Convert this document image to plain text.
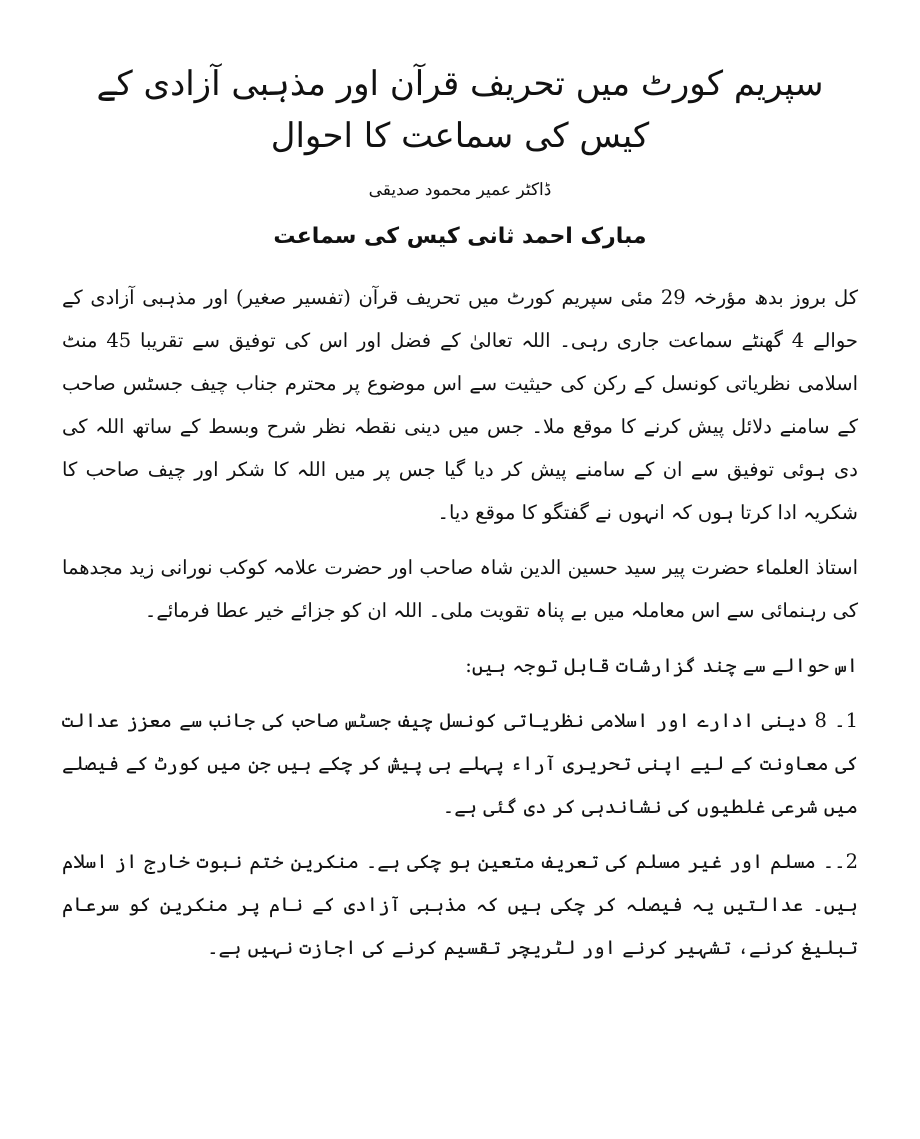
سپریم کورٹ میں تحریف قرآن اور مذہبی آزادی کے کیس کی سماعت کا احوال
ڈاکٹر عمیر محمود صدیقی
مبارک احمد ثانی کیس کی سماعت

کل بروز بدھ مؤرخہ 29 مئی سپریم کورٹ میں تحریف قرآن (تفسیر صغیر) اور مذہبی آزادی کے حوالے 4 گھنٹے سماعت جاری رہی۔ اللہ تعالیٰ کے فضل اور اس کی توفیق سے تقریبا 45 منٹ اسلامی نظریاتی کونسل کے رکن کی حیثیت سے اس موضوع پر محترم جناب چیف جسٹس صاحب کے سامنے دلائل پیش کرنے کا موقع ملا۔ جس میں دینی نقطہ نظر شرح وبسط کے ساتھ اللہ کی دی ہوئی توفیق سے ان کے سامنے پیش کر دیا گیا جس پر میں اللہ کا شکر اور چیف صاحب کا شکریہ ادا کرتا ہوں کہ انہوں نے گفتگو کا موقع دیا۔

استاذ العلماء حضرت پیر سید حسین الدین شاہ صاحب اور حضرت علامہ کوکب نورانی زید مجدھما کی رہنمائی سے اس معاملہ میں بے پناہ تقویت ملی۔ اللہ ان کو جزائے خیر عطا فرمائے۔

اس حوالے سے چند گزارشات قابل توجہ ہیں:

1۔ 8 دینی ادارے اور اسلامی نظریاتی کونسل چیف جسٹس صاحب کی جانب سے معزز عدالت کی معاونت کے لیے اپنی تحریری آراء پہلے ہی پیش کر چکے ہیں جن میں کورٹ کے فیصلے میں شرعی غلطیوں کی نشاندہی کر دی گئی ہے۔

2۔۔ مسلم اور غیر مسلم کی تعریف متعین ہو چکی ہے۔ منکرین ختم نبوت خارج از اسلام ہیں۔ عدالتیں یہ فیصلہ کر چکی ہیں کہ مذہبی آزادی کے نام پر منکرین کو سرعام تبلیغ کرنے، تشہیر کرنے اور لٹریچر تقسیم کرنے کی اجازت نہیں ہے۔
